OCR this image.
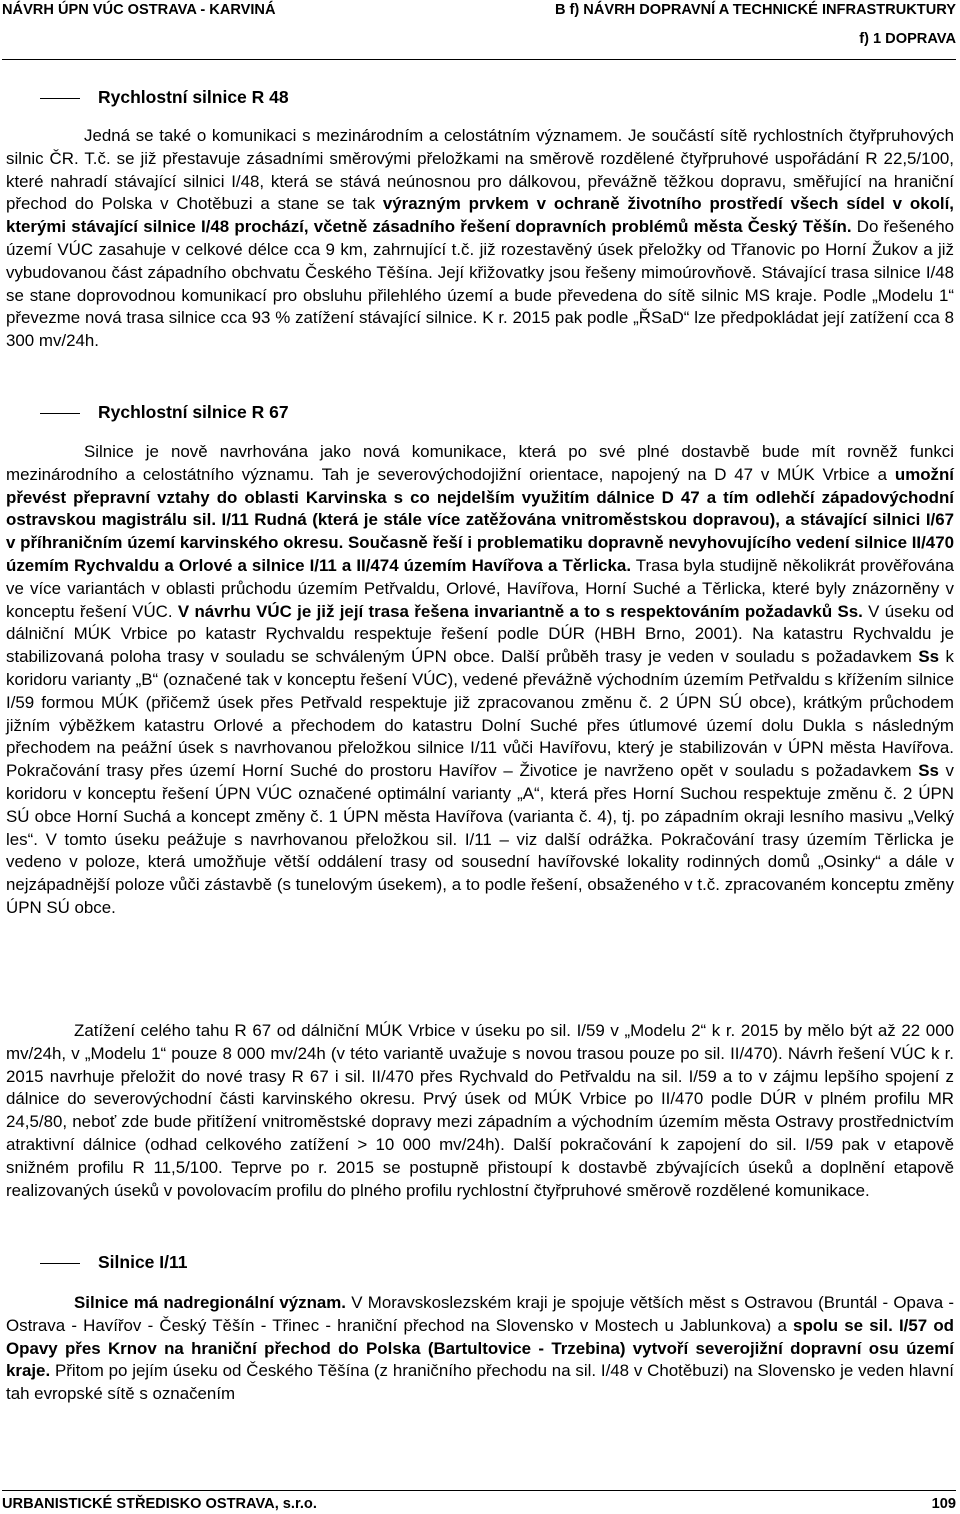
NÁVRH ÚPN VÚC OSTRAVA - KARVINÁ	B f) NÁVRH DOPRAVNÍ A TECHNICKÉ INFRASTRUKTURY
f) 1 DOPRAVA
Rychlostní silnice R 48
Jedná se také o komunikaci s mezinárodním a celostátním významem. Je součástí sítě rychlostních čtyřpruhových silnic ČR. T.č. se již přestavuje zásadními směrovými přeložkami na směrově rozdělené čtyřpruhové uspořádání R 22,5/100, které nahradí stávající silnici I/48, která se stává neúnosnou pro dálkovou, převážně těžkou dopravu, směřující na hraniční přechod do Polska v Chotěbuzi a stane se tak výrazným prvkem v ochraně životního prostředí všech sídel v okolí, kterými stávající silnice I/48 prochází, včetně zásadního řešení dopravních problémů města Český Těšín. Do řešeného území VÚC zasahuje v celkové délce cca 9 km, zahrnující t.č. již rozestavěný úsek přeložky od Třanovic po Horní Žukov a již vybudovanou část západního obchvatu Českého Těšína. Její křižovatky jsou řešeny mimoúrovňově. Stávající trasa silnice I/48 se stane doprovodnou komunikací pro obsluhu přilehlého území a bude převedena do sítě silnic MS kraje. Podle „Modelu 1“ převezme nová trasa silnice cca 93 % zatížení stávající silnice. K r. 2015 pak podle „ŘSaD“ lze předpokládat její zatížení cca 8 300 mv/24h.
Rychlostní silnice R 67
Silnice je nově navrhována jako nová komunikace, která po své plné dostavbě bude mít rovněž funkci mezinárodního a celostátního významu. Tah je severovýchodojižní orientace, napojený na D 47 v MÚK Vrbice a umožní převést přepravní vztahy do oblasti Karvinska s co nejdelším využitím dálnice D 47 a tím odlehčí západovýchodní ostravskou magistrálu sil. I/11 Rudná (která je stále více zatěžována vnitroměstskou dopravou), a stávající silnici I/67 v příhraničním území karvinského okresu. Současně řeší i problematiku dopravně nevyhovujícího vedení silnice II/470 územím Rychvaldu a Orlové a silnice I/11 a II/474 územím Havířova a Těrlicka. Trasa byla studijně několikrát prověřována ve více variantách v oblasti průchodu územím Petřvaldu, Orlové, Havířova, Horní Suché a Těrlicka, které byly znázorněny v konceptu řešení VÚC. V návrhu VÚC je již její trasa řešena invariantně a to s respektováním požadavků Ss. V úseku od dálniční MÚK Vrbice po katastr Rychvaldu respektuje řešení podle DÚR (HBH Brno, 2001). Na katastru Rychvaldu je stabilizovaná poloha trasy v souladu se schváleným ÚPN obce. Další průběh trasy je veden v souladu s požadavkem Ss k koridoru varianty „B“ (označené tak v konceptu řešení VÚC), vedené převážně východním územím Petřvaldu s křížením silnice I/59 formou MÚK (přičemž úsek přes Petřvald respektuje již zpracovanou změnu č. 2 ÚPN SÚ obce), krátkým průchodem jižním výběžkem katastru Orlové a přechodem do katastru Dolní Suché přes útlumové území dolu Dukla s následným přechodem na peážní úsek s navrhovanou přeložkou silnice I/11 vůči Havířovu, který je stabilizován v ÚPN města Havířova. Pokračování trasy přes území Horní Suché do prostoru Havířov – Životice je navrženo opět v souladu s požadavkem Ss v koridoru v konceptu řešení ÚPN VÚC označené optimální varianty „A“, která přes Horní Suchou respektuje změnu č. 2 ÚPN SÚ obce Horní Suchá a koncept změny č. 1 ÚPN města Havířova (varianta č. 4), tj. po západním okraji lesního masivu „Velký les“. V tomto úseku peážuje s navrhovanou přeložkou sil. I/11 – viz další odrážka. Pokračování trasy územím Těrlicka je vedeno v poloze, která umožňuje větší oddálení trasy od sousední havířovské lokality rodinných domů „Osinky“ a dále v nejzápadnější poloze vůči zástavbě (s tunelovým úsekem), a to podle řešení, obsaženého v t.č. zpracovaném konceptu změny ÚPN SÚ obce.
Zatížení celého tahu R 67 od dálniční MÚK Vrbice v úseku po sil. I/59 v „Modelu 2“ k r. 2015 by mělo být až 22 000 mv/24h, v „Modelu 1“ pouze 8 000 mv/24h (v této variantě uvažuje s novou trasou pouze po sil. II/470). Návrh řešení VÚC k r. 2015 navrhuje přeložit do nové trasy R 67 i sil. II/470 přes Rychvald do Petřvaldu na sil. I/59 a to v zájmu lepšího spojení z dálnice do severovýchodní části karvinského okresu. Prvý úsek od MÚK Vrbice po II/470 podle DÚR v plném profilu MR 24,5/80, neboť zde bude přitížení vnitroměstské dopravy mezi západním a východním územím města Ostravy prostřednictvím atraktivní dálnice (odhad celkového zatížení > 10 000 mv/24h). Další pokračování k zapojení do sil. I/59 pak v etapově snižném profilu R 11,5/100. Teprve po r. 2015 se postupně přistoupí k dostavbě zbývajících úseků a doplnění etapově realizovaných úseků v povolovacím profilu do plného profilu rychlostní čtyřpruhové směrově rozdělené komunikace.
Silnice I/11
Silnice má nadregionální význam. V Moravskoslezském kraji je spojuje větších měst s Ostravou (Bruntál - Opava - Ostrava - Havířov - Český Těšín - Třinec - hraniční přechod na Slovensko v Mostech u Jablunkova) a spolu se sil. I/57 od Opavy přes Krnov na hraniční přechod do Polska (Bartultovice - Trzebina) vytvoří severojižní dopravní osu území kraje. Přitom po jejím úseku od Českého Těšína (z hraničního přechodu na sil. I/48 v Chotěbuzi) na Slovensko je veden hlavní tah evropské sítě s označením
URBANISTICKÉ STŘEDISKO OSTRAVA, s.r.o.	109
